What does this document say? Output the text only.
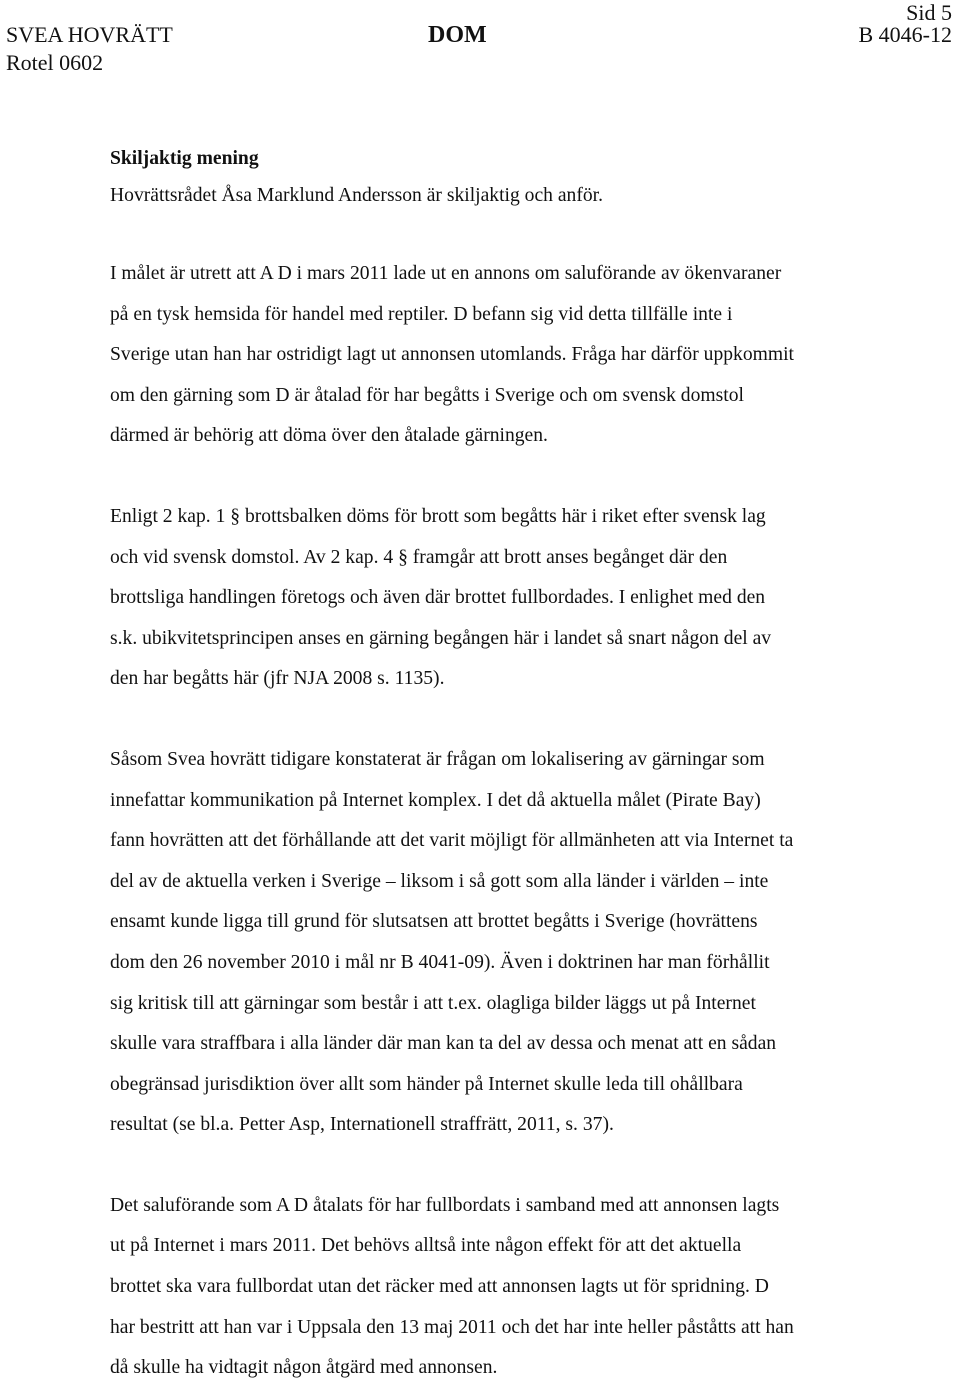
SVEA HOVRÄTT
Rotel 0602
DOM
Sid 5
B 4046-12

Skiljaktig mening

Hovrättsrådet Åsa Marklund Andersson är skiljaktig och anför.

I målet är utrett att A D i mars 2011 lade ut en annons om saluförande av ökenvaraner
på en tysk hemsida för handel med reptiler. D befann sig vid detta tillfälle inte i
Sverige utan han har ostridigt lagt ut annonsen utomlands. Fråga har därför uppkommit
om den gärning som D är åtalad för har begåtts i Sverige och om svensk domstol
därmed är behörig att döma över den åtalade gärningen.

Enligt 2 kap. 1 § brottsbalken döms för brott som begåtts här i riket efter svensk lag
och vid svensk domstol. Av 2 kap. 4 § framgår att brott anses begånget där den
brottsliga handlingen företogs och även där brottet fullbordades. I enlighet med den
s.k. ubikvitetsprincipen anses en gärning begången här i landet så snart någon del av
den har begåtts här (jfr NJA 2008 s. 1135).

Såsom Svea hovrätt tidigare konstaterat är frågan om lokalisering av gärningar som
innefattar kommunikation på Internet komplex. I det då aktuella målet (Pirate Bay)
fann hovrätten att det förhållande att det varit möjligt för allmänheten att via Internet ta
del av de aktuella verken i Sverige – liksom i så gott som alla länder i världen – inte
ensamt kunde ligga till grund för slutsatsen att brottet begåtts i Sverige (hovrättens
dom den 26 november 2010 i mål nr B 4041-09). Även i doktrinen har man förhållit
sig kritisk till att gärningar som består i att t.ex. olagliga bilder läggs ut på Internet
skulle vara straffbara i alla länder där man kan ta del av dessa och menat att en sådan
obegränsad jurisdiktion över allt som händer på Internet skulle leda till ohållbara
resultat (se bl.a. Petter Asp, Internationell straffrätt, 2011, s. 37).

Det saluförande som A D åtalats för har fullbordats i samband med att annonsen lagts
ut på Internet i mars 2011. Det behövs alltså inte någon effekt för att det aktuella
brottet ska vara fullbordat utan det räcker med att annonsen lagts ut för spridning. D
har bestritt att han var i Uppsala den 13 maj 2011 och det har inte heller påståtts att han
då skulle ha vidtagit någon åtgärd med annonsen.
